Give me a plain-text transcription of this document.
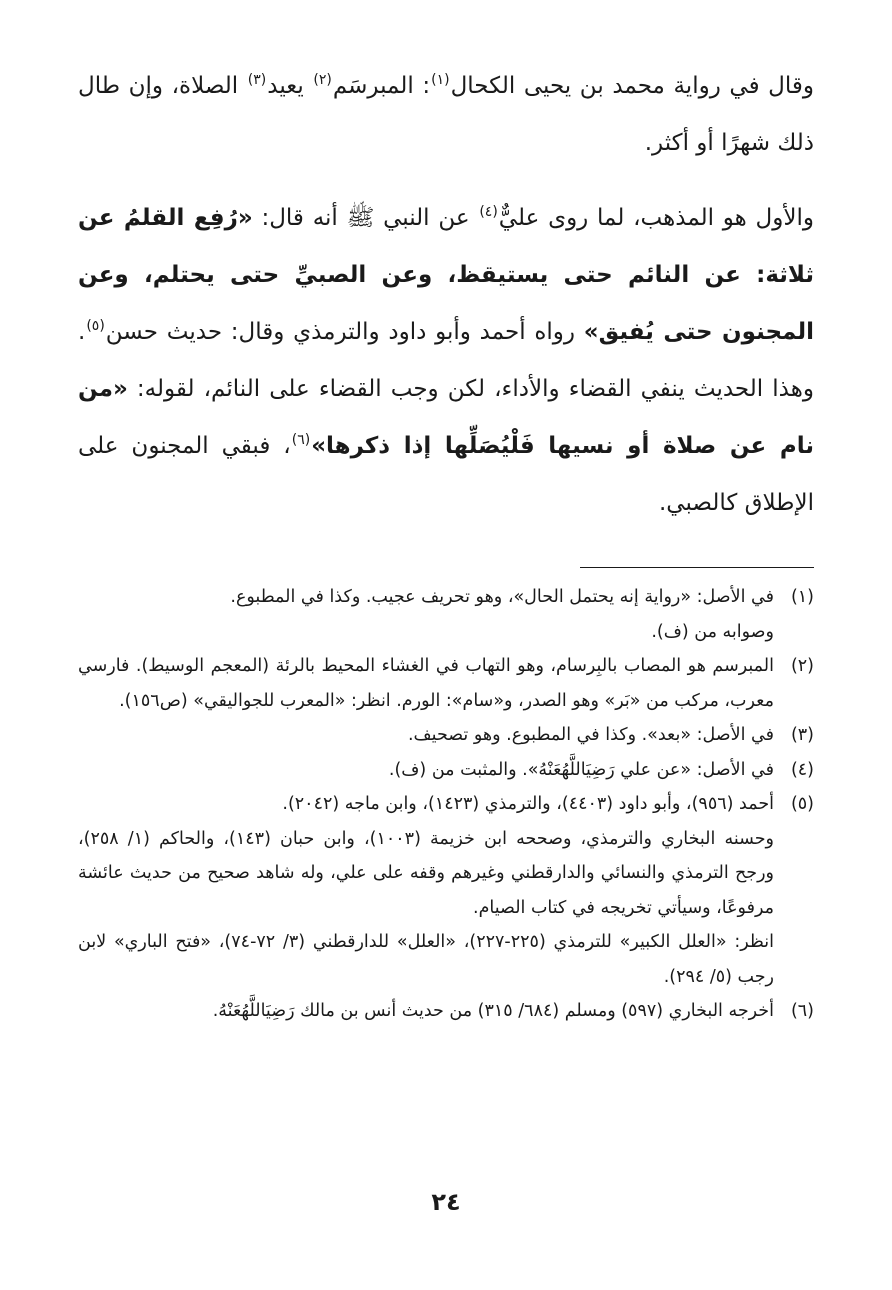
وقال في رواية محمد بن يحيى الكحال$^{(١)}$: المبرسَم$^{(٢)}$ يعيد$^{(٣)}$ الصلاة، وإن طال ذلك شهرًا أو أكثر.

والأول هو المذهب، لما روى عليٌّ$^{(٤)}$ عن النبي ﷺ أنه قال: «رُفِع القلمُ عن ثلاثة: عن النائم حتى يستيقظ، وعن الصبيِّ حتى يحتلم، وعن المجنون حتى يُفيق» رواه أحمد وأبو داود والترمذي وقال: حديث حسن$^{(٥)}$. وهذا الحديث ينفي القضاء والأداء، لكن وجب القضاء على النائم، لقوله: «من نام عن صلاة أو نسيها فَلْيُصَلِّها إذا ذكرها»$^{(٦)}$، فبقي المجنون على الإطلاق كالصبي.

(١)
في الأصل: «رواية إنه يحتمل الحال»، وهو تحريف عجيب. وكذا في المطبوع.
وصوابه من (ف).
(٢)
المبرسم هو المصاب بالبِرسام، وهو التهاب في الغشاء المحيط بالرئة (المعجم الوسيط). فارسي معرب، مركب من «بَر» وهو الصدر، و«سام»: الورم. انظر: «المعرب للجواليقي» (ص١٥٦).
(٣)
في الأصل: «بعد». وكذا في المطبوع. وهو تصحيف.
(٤)
في الأصل: «عن علي رَضِيَاللَّهُعَنْهُ». والمثبت من (ف).
(٥)
أحمد (٩٥٦)، وأبو داود (٤٤٠٣)، والترمذي (١٤٢٣)، وابن ماجه (٢٠٤٢).
وحسنه البخاري والترمذي، وصححه ابن خزيمة (١٠٠٣)، وابن حبان (١٤٣)، والحاكم (١/ ٢٥٨)، ورجح الترمذي والنسائي والدارقطني وغيرهم وقفه على علي، وله شاهد صحيح من حديث عائشة مرفوعًا، وسيأتي تخريجه في كتاب الصيام.
انظر: «العلل الكبير» للترمذي (٢٢٥-٢٢٧)، «العلل» للدارقطني (٣/ ٧٢-٧٤)، «فتح الباري» لابن رجب (٥/ ٢٩٤).
(٦)
أخرجه البخاري (٥٩٧) ومسلم (٦٨٤/ ٣١٥) من حديث أنس بن مالك رَضِيَاللَّهُعَنْهُ.
٢٤
